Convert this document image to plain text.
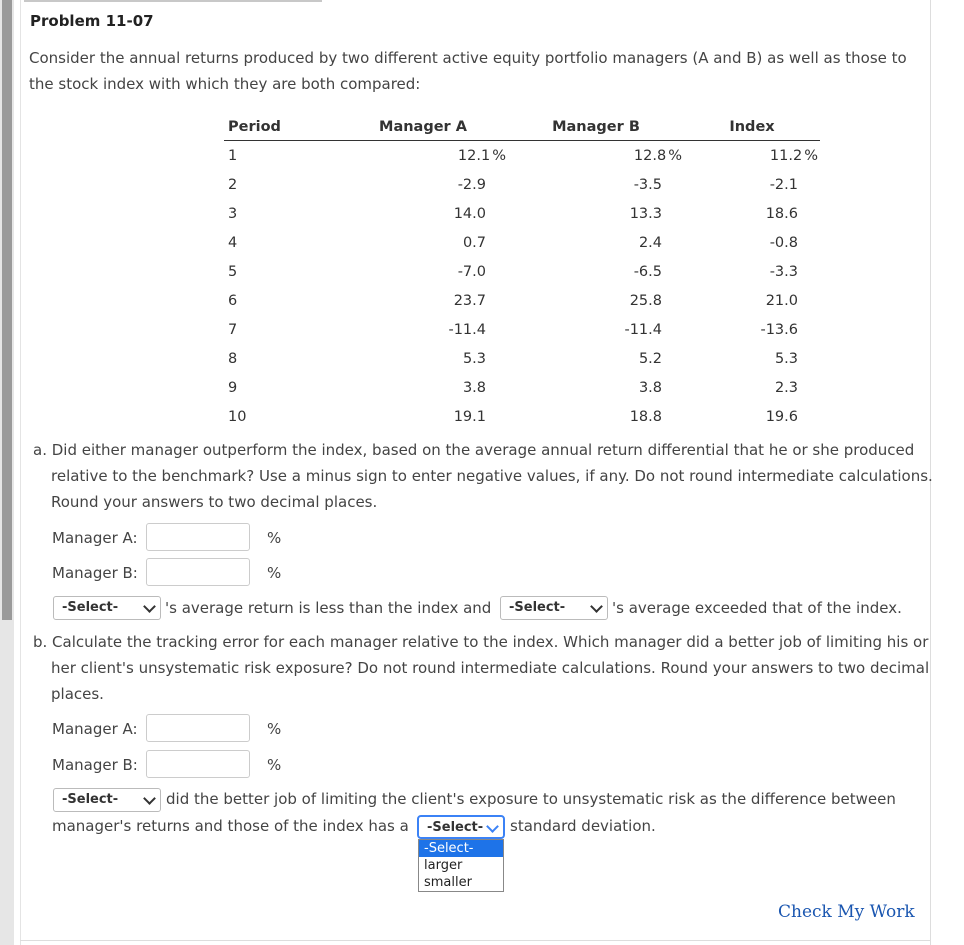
Problem 11-07
Consider the annual returns produced by two different active equity portfolio managers (A and B) as well as those to the stock index with which they are both compared:
Period	Manager A	Manager B	Index
1	12.1 %	12.8 %	11.2 %
2	-2.9	-3.5	-2.1
3	14.0	13.3	18.6
4	0.7	2.4	-0.8
5	-7.0	-6.5	-3.3
6	23.7	25.8	21.0
7	-11.4	-11.4	-13.6
8	5.3	5.2	5.3
9	3.8	3.8	2.3
10	19.1	18.8	19.6
a. Did either manager outperform the index, based on the average annual return differential that he or she produced relative to the benchmark? Use a minus sign to enter negative values, if any. Do not round intermediate calculations. Round your answers to two decimal places.
Manager A:	%
Manager B:	%
-Select-	's average return is less than the index and	-Select-	's average exceeded that of the index.
b. Calculate the tracking error for each manager relative to the index. Which manager did a better job of limiting his or her client's unsystematic risk exposure? Do not round intermediate calculations. Round your answers to two decimal places.
Manager A:	%
Manager B:	%
-Select-	did the better job of limiting the client's exposure to unsystematic risk as the difference between
manager's returns and those of the index has a	-Select-	standard deviation.
-Select-
larger
smaller
Check My Work
